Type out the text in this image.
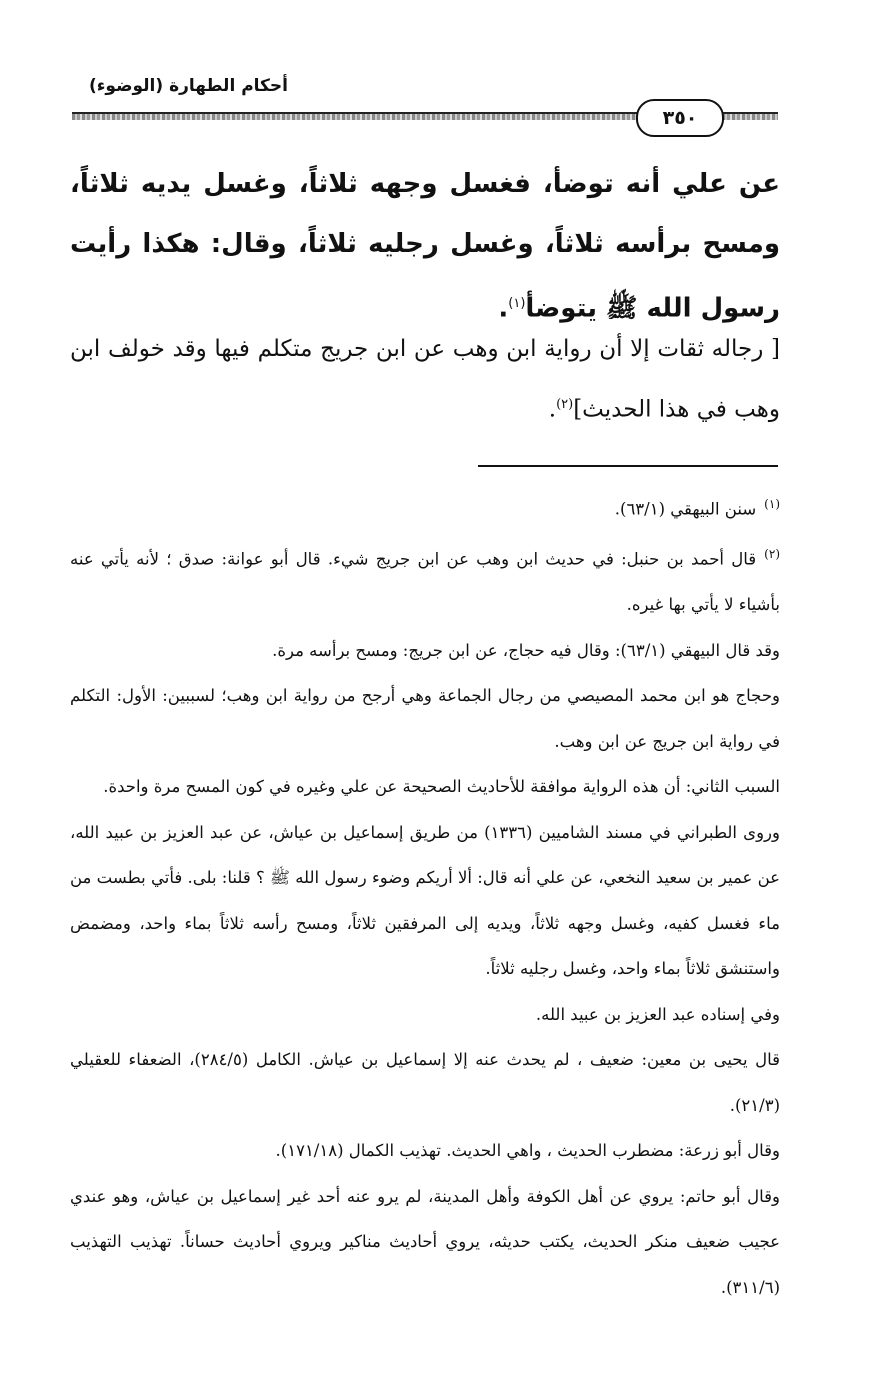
أحكام الطهارة (الوضوء)
٣٥٠
عن علي أنه توضأ، فغسل وجهه ثلاثاً، وغسل يديه ثلاثاً، ومسح برأسه ثلاثاً، وغسل رجليه ثلاثاً، وقال: هكذا رأيت رسول الله ﷺ يتوضأ$^{(١)}$.
[ رجاله ثقات إلا أن رواية ابن وهب عن ابن جريج متكلم فيها وقد خولف ابن وهب في هذا الحديث]$^{(٢)}$.

$^{(١)}$سنن البيهقي (٦٣/١).

$^{(٢)}$قال أحمد بن حنبل: في حديث ابن وهب عن ابن جريج شيء. قال أبو عوانة: صدق ؛ لأنه يأتي عنه بأشياء لا يأتي بها غيره.

وقد قال البيهقي (٦٣/١): وقال فيه حجاج، عن ابن جريج: ومسح برأسه مرة.

وحجاج هو ابن محمد المصيصي من رجال الجماعة وهي أرجح من رواية ابن وهب؛ لسببين: الأول: التكلم في رواية ابن جريج عن ابن وهب.

السبب الثاني: أن هذه الرواية موافقة للأحاديث الصحيحة عن علي وغيره في كون المسح مرة واحدة.

وروى الطبراني في مسند الشاميين (١٣٣٦) من طريق إسماعيل بن عياش، عن عبد العزيز بن عبيد الله، عن عمير بن سعيد النخعي، عن علي أنه قال: ألا أريكم وضوء رسول الله ﷺ ؟ قلنا: بلى. فأتي بطست من ماء فغسل كفيه، وغسل وجهه ثلاثاً، ويديه إلى المرفقين ثلاثاً، ومسح رأسه ثلاثاً بماء واحد، ومضمض واستنشق ثلاثاً بماء واحد، وغسل رجليه ثلاثاً.

وفي إسناده عبد العزيز بن عبيد الله.

قال يحيى بن معين: ضعيف ، لم يحدث عنه إلا إسماعيل بن عياش. الكامل (٢٨٤/٥)، الضعفاء للعقيلي (٢١/٣).

وقال أبو زرعة: مضطرب الحديث ، واهي الحديث. تهذيب الكمال (١٧١/١٨).

وقال أبو حاتم: يروي عن أهل الكوفة وأهل المدينة، لم يرو عنه أحد غير إسماعيل بن عياش، وهو عندي عجيب ضعيف منكر الحديث، يكتب حديثه، يروي أحاديث مناكير ويروي أحاديث حساناً. تهذيب التهذيب (٣١١/٦).
